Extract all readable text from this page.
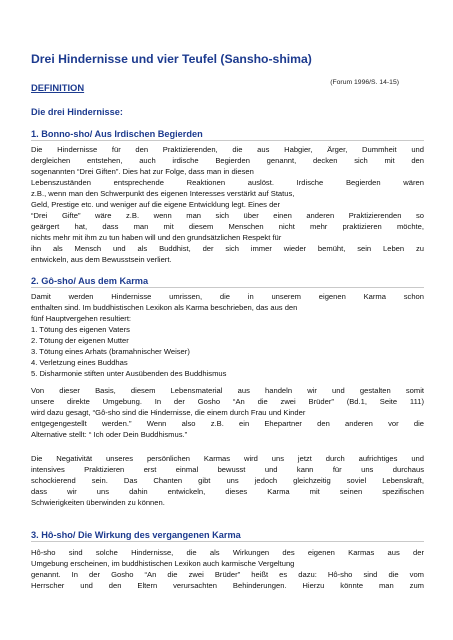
Drei Hindernisse und vier Teufel (Sansho-shima)
DEFINITION	(Forum 1996/S. 14-15)
Die drei Hindernisse:
1. Bonno-sho/ Aus Irdischen Begierden
Die Hindernisse für den Praktizierenden, die aus Habgier, Ärger, Dummheit und
dergleichen entstehen, auch irdische Begierden genannt, decken sich mit den
sogenannten “Drei Giften”. Dies hat zur Folge, dass man in diesen
Lebenszuständen entsprechende Reaktionen auslöst. Irdische Begierden wären
z.B., wenn man den Schwerpunkt des eigenen Interesses verstärkt auf Status,
Geld, Prestige etc. und weniger auf die eigene Entwicklung legt. Eines der
“Drei Gifte” wäre z.B. wenn man sich über einen anderen Praktizierenden so
geärgert hat, dass man mit diesem Menschen nicht mehr praktizieren möchte,
nichts mehr mit ihm zu tun haben will und den grundsätzlichen Respekt für
ihn als Mensch und als Buddhist, der sich immer wieder bemüht, sein Leben zu
entwickeln, aus dem Bewusstsein verliert.
2. Gô-sho/ Aus dem Karma
Damit werden Hindernisse umrissen, die in unserem eigenen Karma schon
enthalten sind. Im buddhistischen Lexikon als Karma beschrieben, das aus den
fünf Hauptvergehen resultiert:
1. Tötung des eigenen Vaters
2. Tötung der eigenen Mutter
3. Tötung eines Arhats (bramahnischer Weiser)
4. Verletzung eines Buddhas
5. Disharmonie stiften unter Ausübenden des Buddhismus
Von dieser Basis, diesem Lebensmaterial aus handeln wir und gestalten somit
unsere direkte Umgebung. In der Gosho “An die zwei Brüder” (Bd.1, Seite 111)
wird dazu gesagt, “Gô-sho sind die Hindernisse, die einem durch Frau und Kinder
entgegengestellt werden.” Wenn also z.B. ein Ehepartner den anderen vor die
Alternative stellt: “ Ich oder Dein Buddhismus.”
Die Negativität unseres persönlichen Karmas wird uns jetzt durch aufrichtiges und
intensives Praktizieren erst einmal bewusst und kann für uns durchaus
schockierend sein. Das Chanten gibt uns jedoch gleichzeitig soviel Lebenskraft,
dass wir uns dahin entwickeln, dieses Karma mit seinen spezifischen
Schwierigkeiten überwinden zu können.
3. Hô-sho/ Die Wirkung des vergangenen Karma
Hô-sho sind solche Hindernisse, die als Wirkungen des eigenen Karmas aus der
Umgebung erscheinen, im buddhistischen Lexikon auch karmische Vergeltung
genannt. In der Gosho “An die zwei Brüder” heißt es dazu: Hô-sho sind die vom
Herrscher und den Eltern verursachten Behinderungen. Hierzu könnte man zum
